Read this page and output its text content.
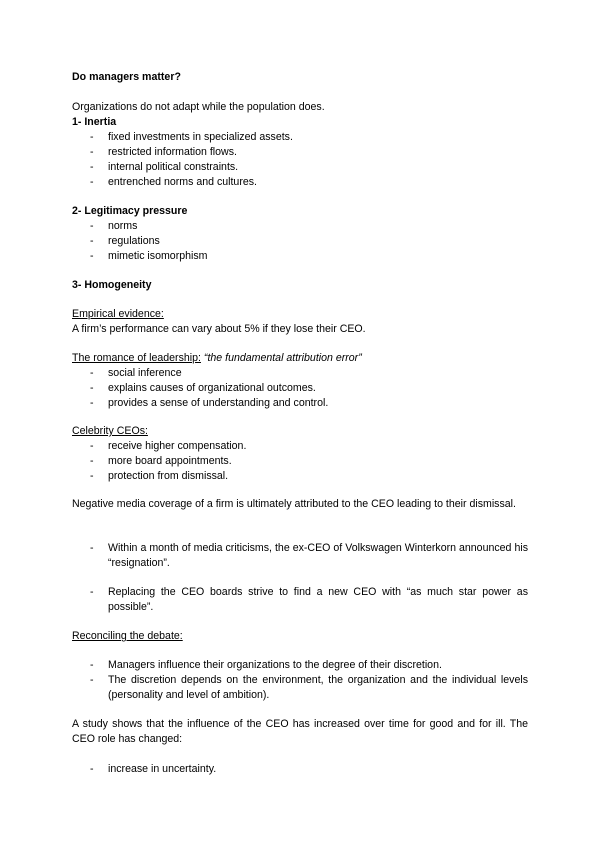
Do managers matter?
Organizations do not adapt while the population does.
1- Inertia
- fixed investments in specialized assets.
- restricted information flows.
- internal political constraints.
- entrenched norms and cultures.
2- Legitimacy pressure
- norms
- regulations
- mimetic isomorphism
3- Homogeneity
Empirical evidence:
A firm’s performance can vary about 5% if they lose their CEO.
The romance of leadership: “the fundamental attribution error”
- social inference
- explains causes of organizational outcomes.
- provides a sense of understanding and control.
Celebrity CEOs:
- receive higher compensation.
- more board appointments.
- protection from dismissal.
Negative media coverage of a firm is ultimately attributed to the CEO leading to their dismissal.
- Within a month of media criticisms, the ex-CEO of Volkswagen Winterkorn announced his “resignation”.
- Replacing the CEO boards strive to find a new CEO with “as much star power as possible”.
Reconciling the debate:
- Managers influence their organizations to the degree of their discretion.
- The discretion depends on the environment, the organization and the individual levels (personality and level of ambition).
A study shows that the influence of the CEO has increased over time for good and for ill. The CEO role has changed:
- increase in uncertainty.
